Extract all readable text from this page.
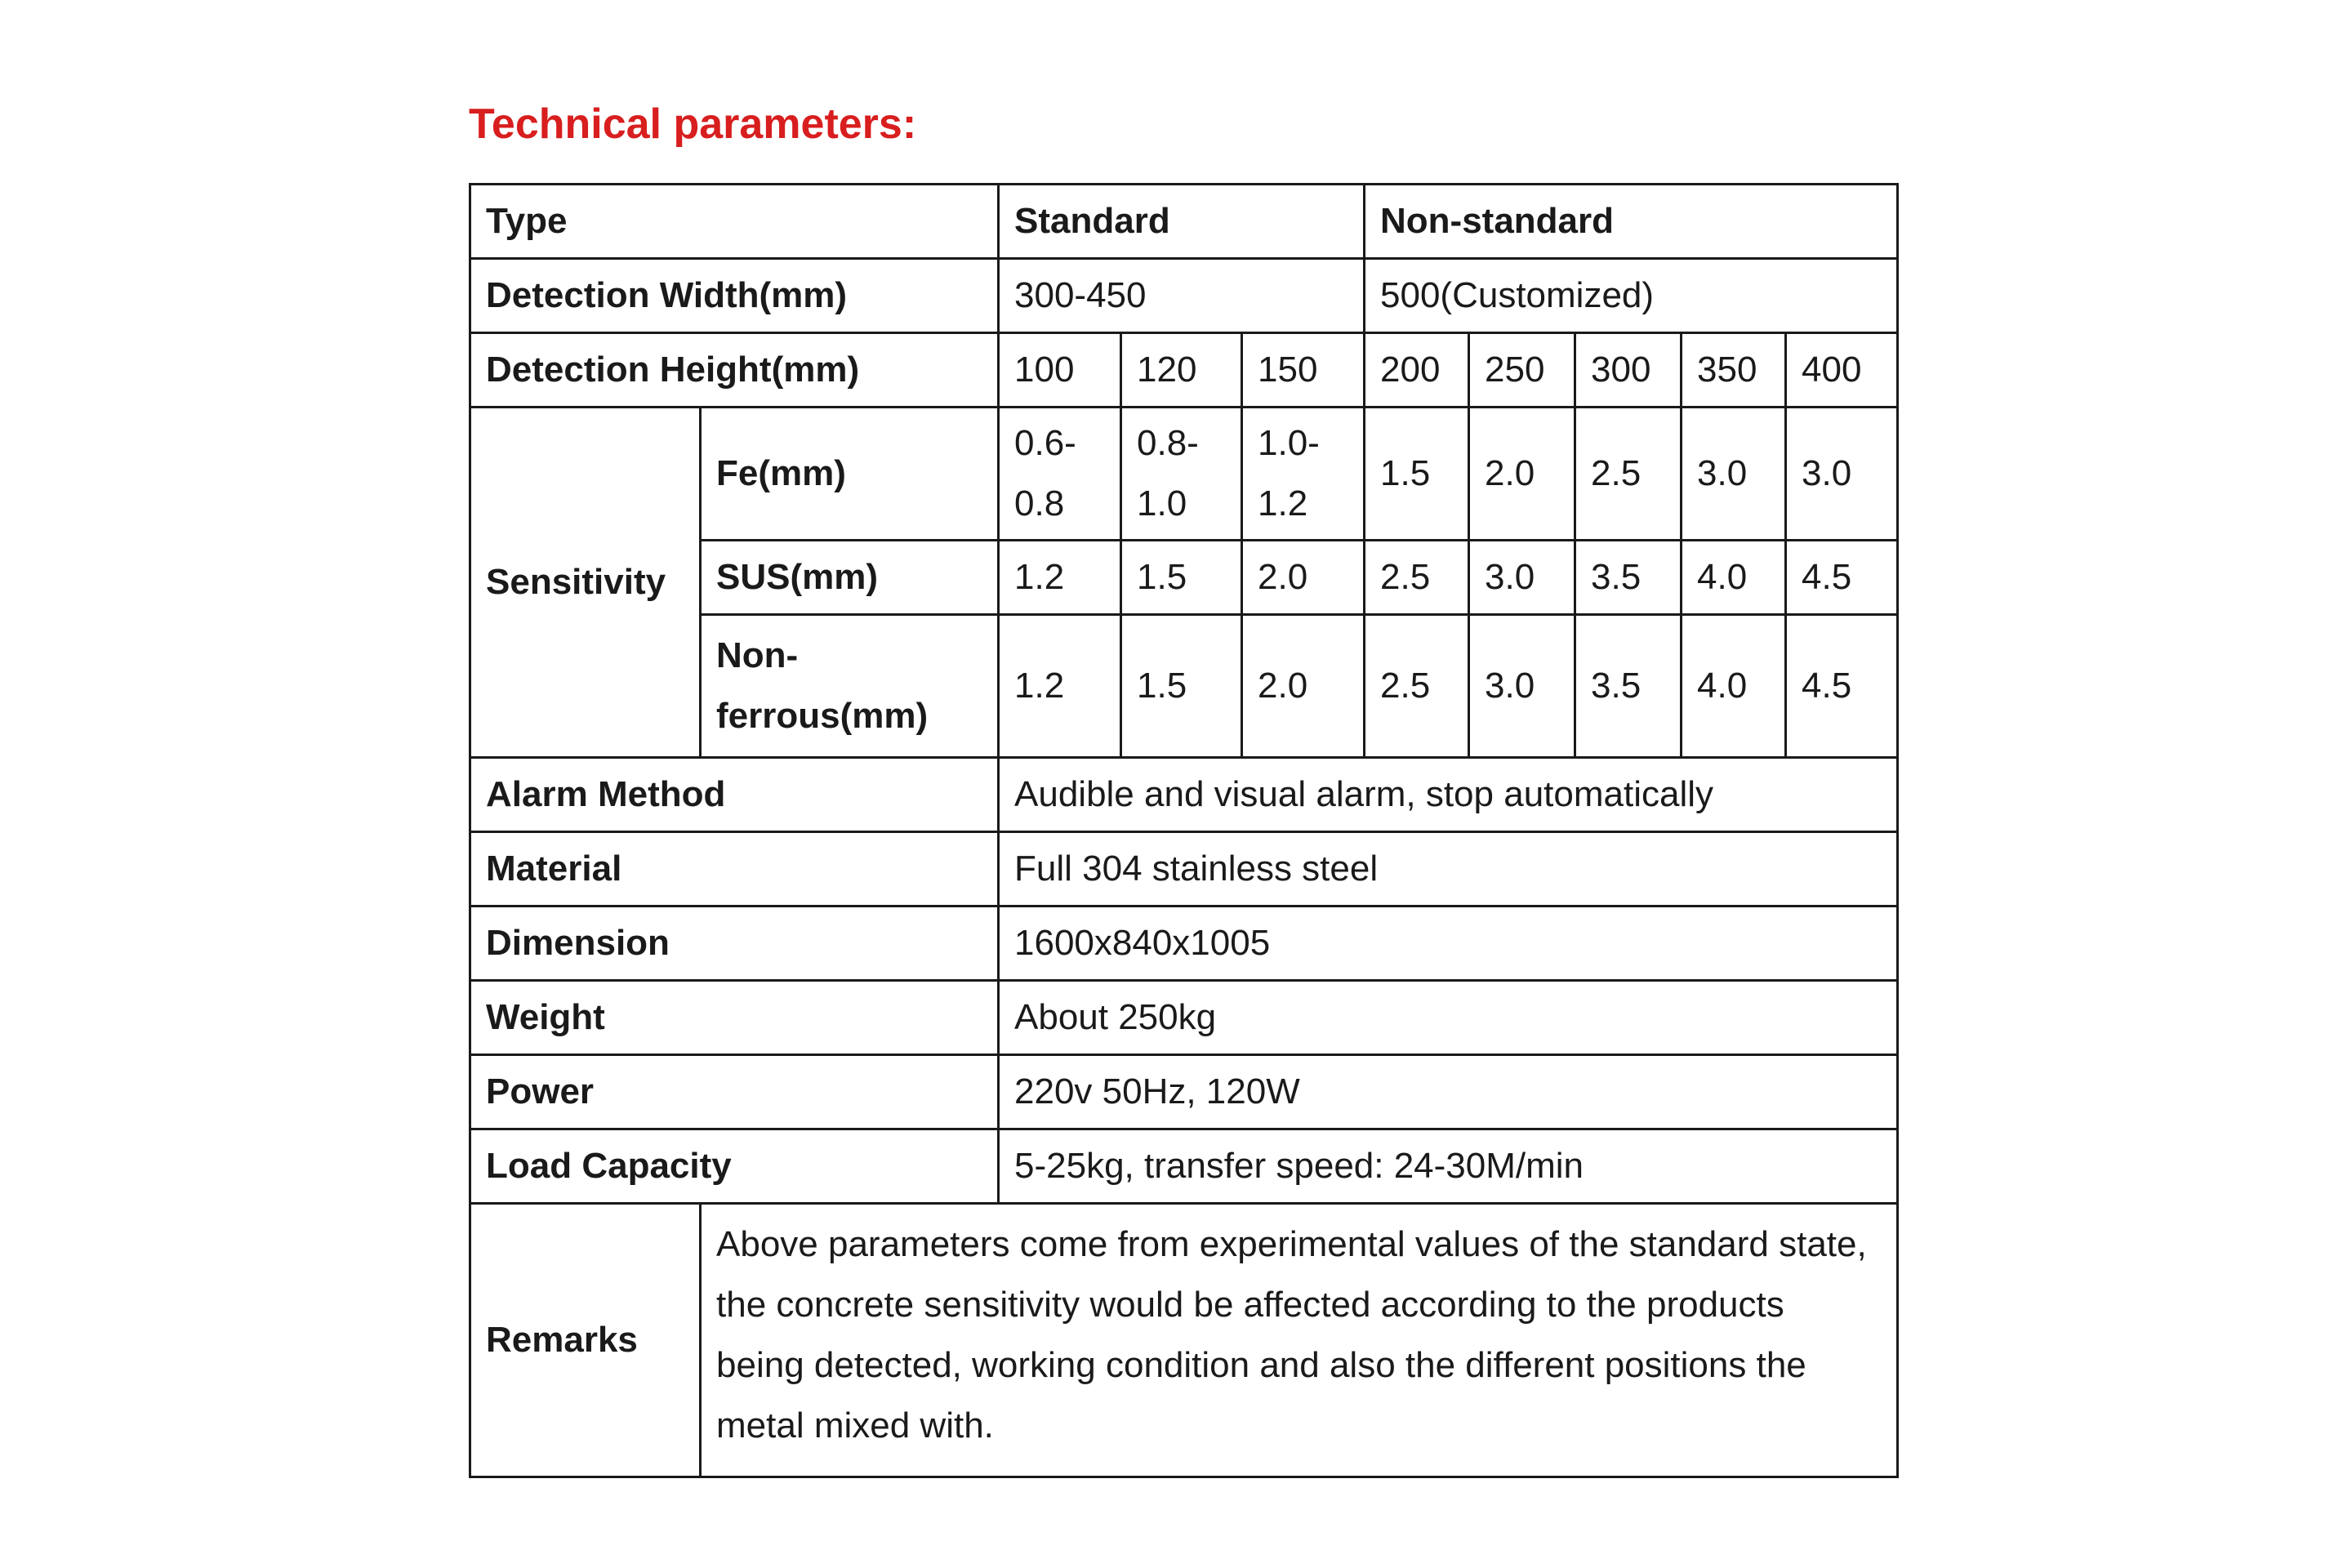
Technical parameters:
Type		Standard			Non-standard				
Detection Width(mm)		300-450			500(Customized)				
Detection Height(mm)		100	120	150	200	250	300	350	400
Sensitivity	Fe(mm)	0.6-0.8	0.8-1.0	1.0-1.2	1.5	2.0	2.5	3.0	3.0
	SUS(mm)	1.2	1.5	2.0	2.5	3.0	3.5	4.0	4.5
	Non-ferrous(mm)	1.2	1.5	2.0	2.5	3.0	3.5	4.0	4.5
Alarm Method		Audible and visual alarm, stop automatically							
Material		Full 304 stainless steel							
Dimension		1600x840x1005							
Weight		About 250kg							
Power		220v 50Hz, 120W							
Load Capacity		5-25kg, transfer speed: 24-30M/min							
Remarks	Above parameters come from experimental values of the standard state, the concrete sensitivity would be affected according to the products being detected, working condition and also the different positions the metal mixed with.								
